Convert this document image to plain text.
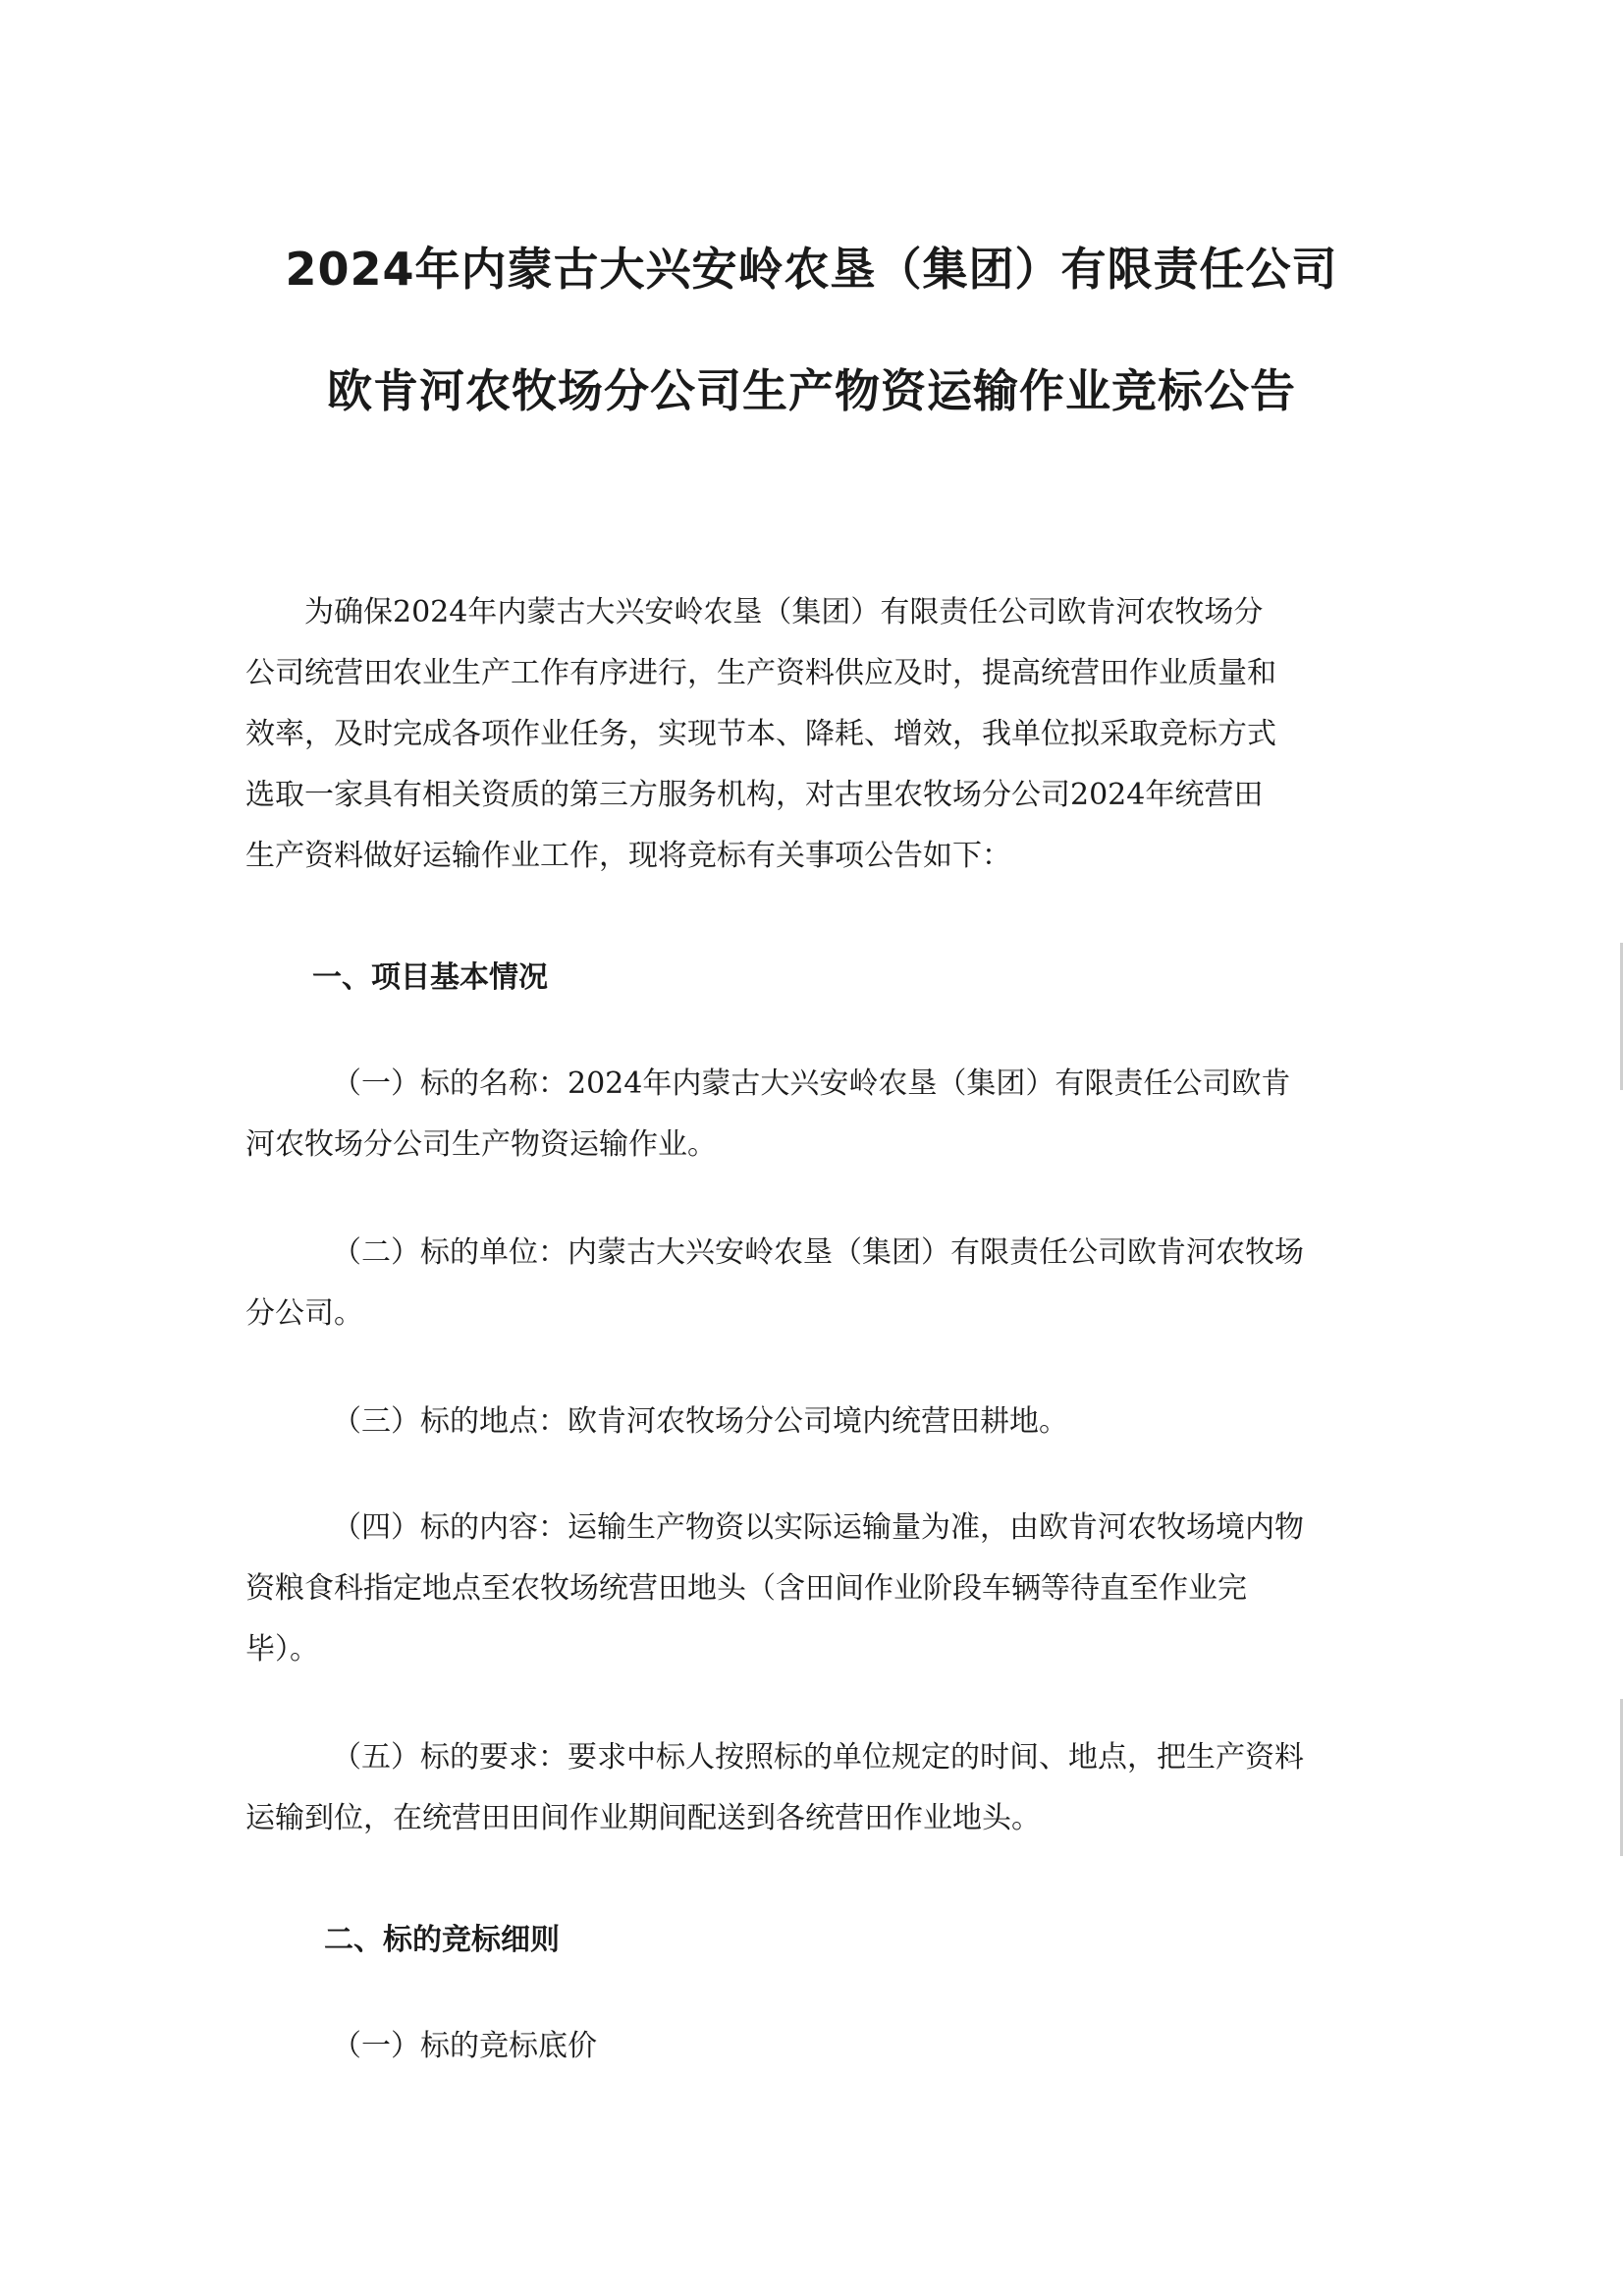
2024年内蒙古大兴安岭农垦（集团）有限责任公司
欧肯河农牧场分公司生产物资运输作业竞标公告
为确保2024年内蒙古大兴安岭农垦（集团）有限责任公司欧肯河农牧场分
公司统营田农业生产工作有序进行，生产资料供应及时，提高统营田作业质量和
效率，及时完成各项作业任务，实现节本、降耗、增效，我单位拟采取竞标方式
选取一家具有相关资质的第三方服务机构，对古里农牧场分公司2024年统营田
生产资料做好运输作业工作，现将竞标有关事项公告如下：
一、项目基本情况
（一）标的名称：2024年内蒙古大兴安岭农垦（集团）有限责任公司欧肯
河农牧场分公司生产物资运输作业。
（二）标的单位：内蒙古大兴安岭农垦（集团）有限责任公司欧肯河农牧场
分公司。
（三）标的地点：欧肯河农牧场分公司境内统营田耕地。
（四）标的内容：运输生产物资以实际运输量为准，由欧肯河农牧场境内物
资粮食科指定地点至农牧场统营田地头（含田间作业阶段车辆等待直至作业完
毕）。
（五）标的要求：要求中标人按照标的单位规定的时间、地点，把生产资料
运输到位，在统营田田间作业期间配送到各统营田作业地头。
二、标的竞标细则
（一）标的竞标底价
